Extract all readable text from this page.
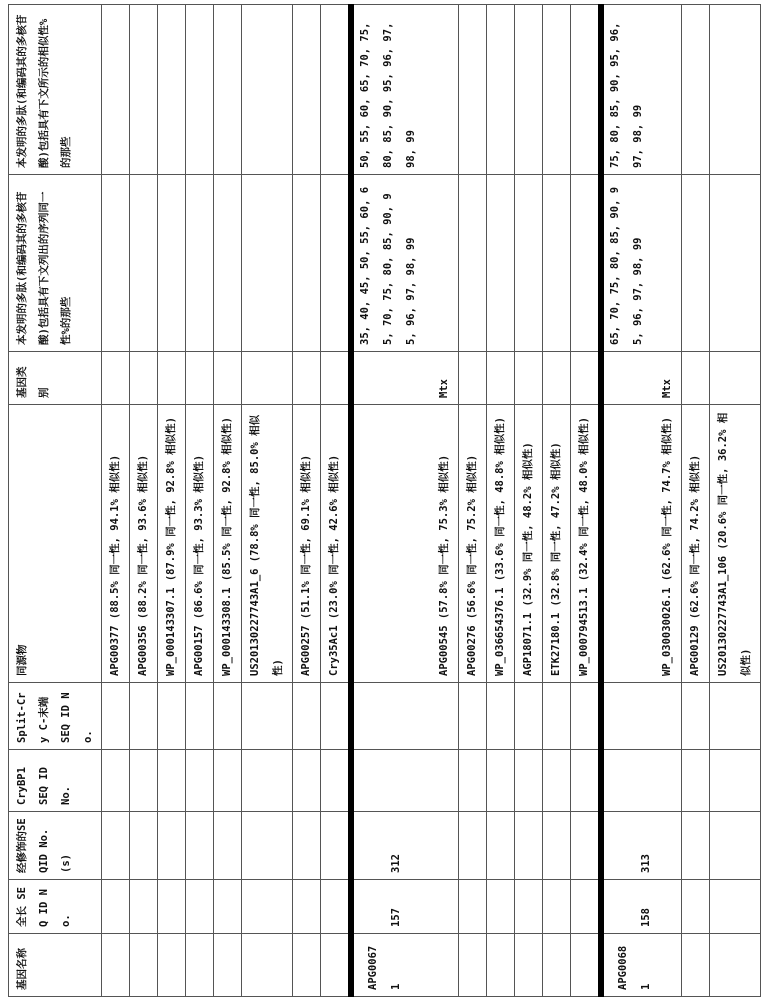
基因名称	全长 SEQ ID No.	经修饰的SEQID No.(s)	CryBP1 SEQ ID No.	Split-Cry C-末端 SEQ ID No.	同源物	基因类别	本发明的多肽(和编码其的多核苷酸)包括具有下文列出的序列同一性%的那些	本发明的多肽(和编码其的多核苷酸)包括具有下文所示的相似性%的那些
					APG00377 (88.5% 同一性, 94.1% 相似性)								APG00356 (88.2% 同一性, 93.6% 相似性)								WP_000143307.1 (87.9% 同一性, 92.8% 相似性)								APG00157 (86.6% 同一性, 93.3% 相似性)								WP_000143308.1 (85.5% 同一性, 92.8% 相似性)								US20130227743A1_6 (78.8% 同一性, 85.0% 相似性)								APG00257 (51.1% 同一性, 69.1% 相似性)								Cry35Ac1 (23.0% 同一性, 42.6% 相似性)			
APG00671	157	312			APG00545 (57.8% 同一性, 75.3% 相似性)	Mtx	35, 40, 45, 50, 55, 60, 65, 70, 75, 80, 85, 90, 95, 96, 97, 98, 99	50, 55, 60, 65, 70, 75, 80, 85, 90, 95, 96, 97, 98, 99
					APG00276 (56.6% 同一性, 75.2% 相似性)								WP_036654376.1 (33.6% 同一性, 48.8% 相似性)								AGP18071.1 (32.9% 同一性, 48.2% 相似性)								ETK27180.1 (32.8% 同一性, 47.2% 相似性)								WP_000794513.1 (32.4% 同一性, 48.0% 相似性)			
APG00681	158	313			WP_030030026.1 (62.6% 同一性, 74.7% 相似性)	Mtx	65, 70, 75, 80, 85, 90, 95, 96, 97, 98, 99	75, 80, 85, 90, 95, 96, 97, 98, 99
					APG00129 (62.6% 同一性, 74.2% 相似性)								US20130227743A1_106 (20.6% 同一性, 36.2% 相似性)			
